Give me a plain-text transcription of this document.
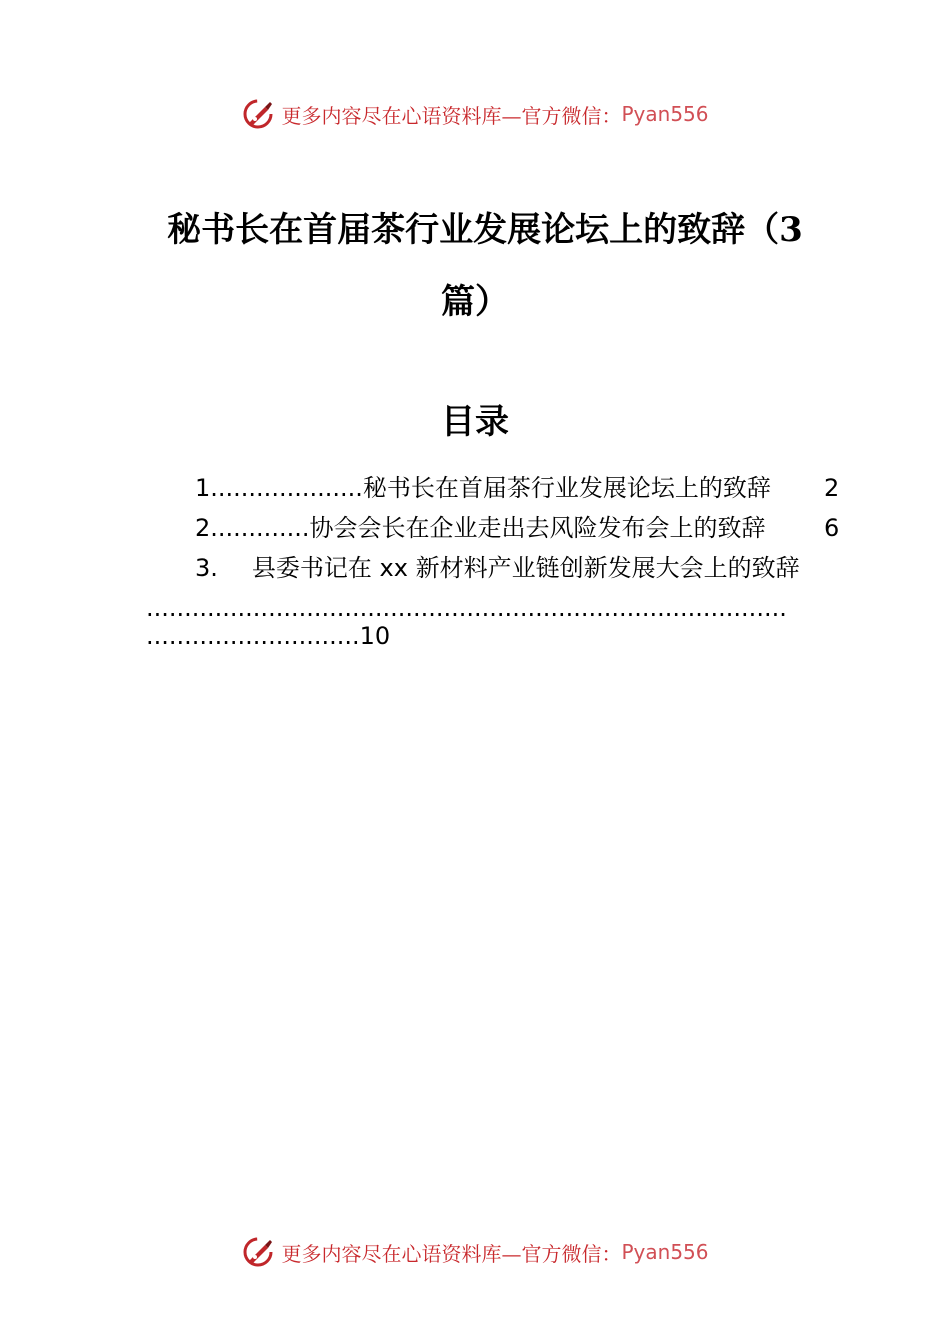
更多内容尽在心语资料库—官方微信： Pyan556
秘书长在首届茶行业发展论坛上的致辞（3
篇）
目录
1....................秘书长在首届茶行业发展论坛上的致辞 2
2.............协会会长在企业走出去风险发布会上的致辞 6
3. 县委书记在 xx 新材料产业链创新发展大会上的致辞
....................................................................................
............................10
更多内容尽在心语资料库—官方微信： Pyan556
